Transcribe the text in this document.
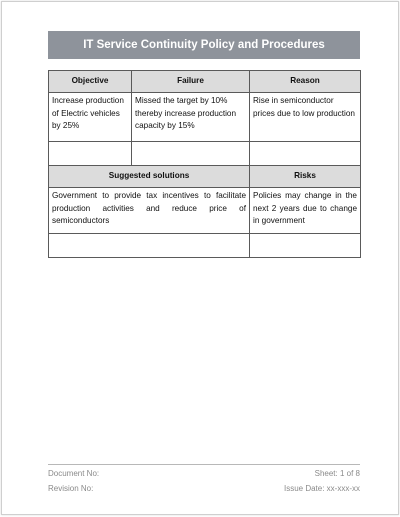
IT Service Continuity Policy and Procedures
Objective	Failure	Reason
Increase production of Electric vehicles by 25%	Missed the target by 10% thereby increase production capacity by 15%	Rise in semiconductor prices due to low production

Suggested solutions		Risks
Government to provide tax incentives to facilitate production activities and reduce price of semiconductors		Policies may change in the next 2 years due to change in government

Document No:	Sheet: 1 of 8
Revision No:	Issue Date: xx-xxx-xx
